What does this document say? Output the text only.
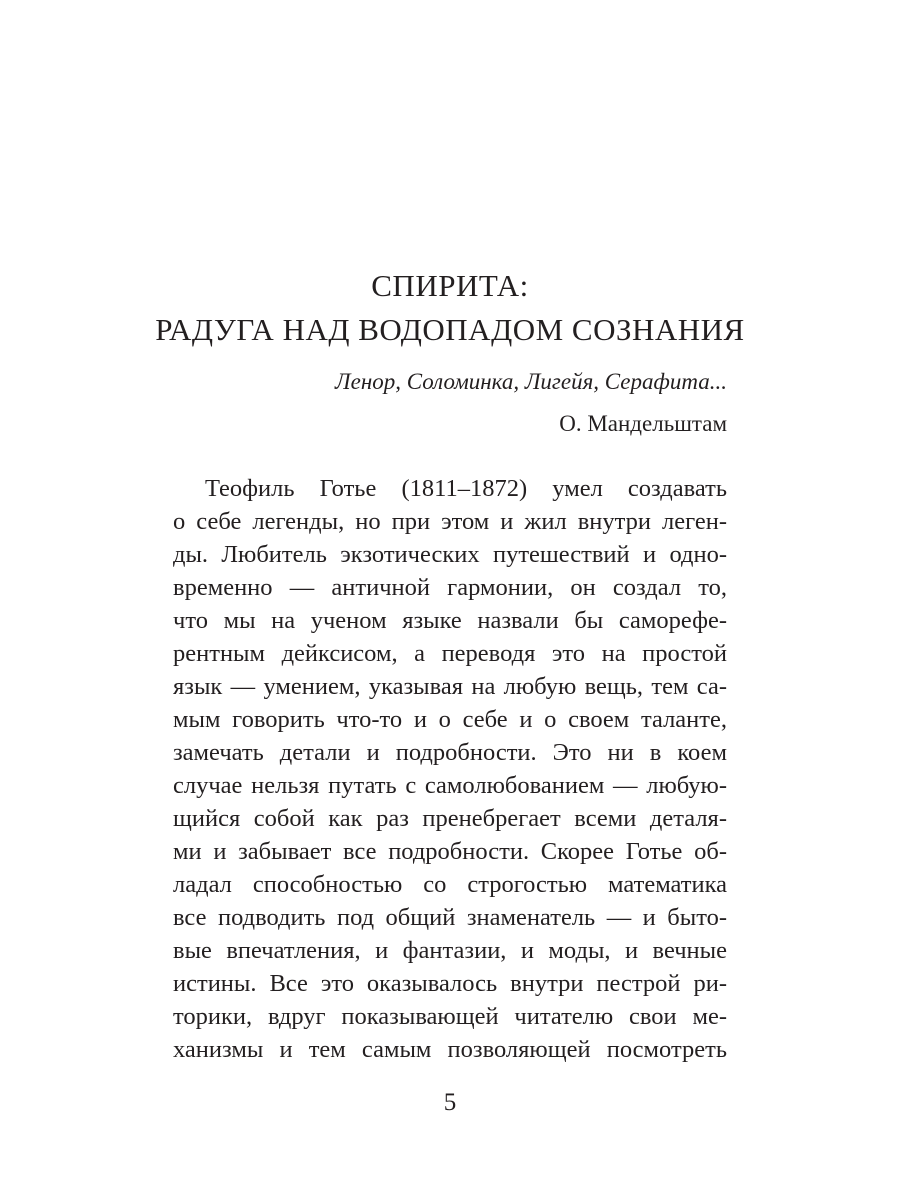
СПИРИТА:
РАДУГА НАД ВОДОПАДОМ СОЗНАНИЯ

Ленор, Соломинка, Лигейя, Серафита...

О. Мандельштам

Теофиль Готье (1811–1872) умел создавать

о себе легенды, но при этом и жил внутри леген-

ды. Любитель экзотических путешествий и одно-

временно — античной гармонии, он создал то,

что мы на ученом языке назвали бы саморефе-

рентным дейксисом, а переводя это на простой

язык — умением, указывая на любую вещь, тем са-

мым говорить что-то и о себе и о своем таланте,

замечать детали и подробности. Это ни в коем

случае нельзя путать с самолюбованием — любую-

щийся собой как раз пренебрегает всеми деталя-

ми и забывает все подробности. Скорее Готье об-

ладал способностью со строгостью математика

все подводить под общий знаменатель — и быто-

вые впечатления, и фантазии, и моды, и вечные

истины. Все это оказывалось внутри пестрой ри-

торики, вдруг показывающей читателю свои ме-

ханизмы и тем самым позволяющей посмотреть

5
